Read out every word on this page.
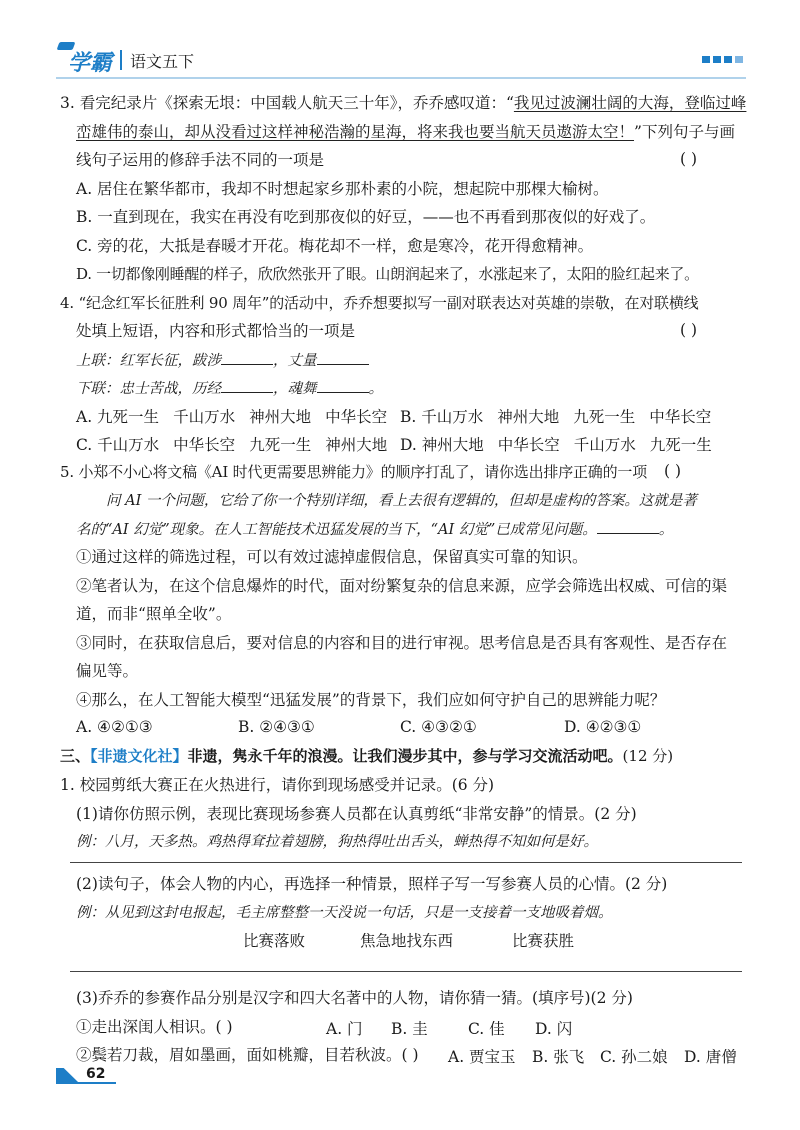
学霸 语文五下
3. 看完纪录片《探索无垠：中国载人航天三十年》，乔乔感叹道：“我见过波澜壮阔的大海，登临过峰
峦雄伟的泰山，却从没看过这样神秘浩瀚的星海，将来我也要当航天员遨游太空！”下列句子与画
线句子运用的修辞手法不同的一项是	( )
A. 居住在繁华都市，我却不时想起家乡那朴素的小院，想起院中那棵大榆树。
B. 一直到现在，我实在再没有吃到那夜似的好豆，——也不再看到那夜似的好戏了。
C. 旁的花，大抵是春暖才开花。梅花却不一样，愈是寒冷，花开得愈精神。
D. 一切都像刚睡醒的样子，欣欣然张开了眼。山朗润起来了，水涨起来了，太阳的脸红起来了。
4. “纪念红军长征胜利 90 周年”的活动中，乔乔想要拟写一副对联表达对英雄的崇敬，在对联横线
处填上短语，内容和形式都恰当的一项是	( )
上联：红军长征，跋涉	，丈量
下联：忠士苦战，历经	，魂舞	。
A. 九死一生 千山万水 神州大地 中华长空 B. 千山万水 神州大地 九死一生 中华长空
C. 千山万水 中华长空 九死一生 神州大地 D. 神州大地 中华长空 千山万水 九死一生
5. 小郑不小心将文稿《AI 时代更需要思辨能力》的顺序打乱了，请你选出排序正确的一项 ( )
问 AI 一个问题，它给了你一个特别详细，看上去很有逻辑的，但却是虚构的答案。这就是著
名的“AI 幻觉”现象。在人工智能技术迅猛发展的当下，“AI 幻觉”已成常见问题。	。
①通过这样的筛选过程，可以有效过滤掉虚假信息，保留真实可靠的知识。
②笔者认为，在这个信息爆炸的时代，面对纷繁复杂的信息来源，应学会筛选出权威、可信的渠
道，而非“照单全收”。
③同时，在获取信息后，要对信息的内容和目的进行审视。思考信息是否具有客观性、是否存在
偏见等。
④那么，在人工智能大模型“迅猛发展”的背景下，我们应如何守护自己的思辨能力呢？
A. ④②①③	B. ②④③①	C. ④③②①	D. ④②③①
三、【非遗文化社】非遗，隽永千年的浪漫。让我们漫步其中，参与学习交流活动吧。(12 分)
1. 校园剪纸大赛正在火热进行，请你到现场感受并记录。(6 分)
(1)请你仿照示例，表现比赛现场参赛人员都在认真剪纸“非常安静”的情景。(2 分)
例：八月，天多热。鸡热得耷拉着翅膀，狗热得吐出舌头，蝉热得不知如何是好。
(2)读句子，体会人物的内心，再选择一种情景，照样子写一写参赛人员的心情。(2 分)
例：从见到这封电报起，毛主席整整一天没说一句话，只是一支接着一支地吸着烟。
比赛落败	焦急地找东西	比赛获胜
(3)乔乔的参赛作品分别是汉字和四大名著中的人物，请你猜一猜。(填序号)(2 分)
①走出深闺人相识。( )	A. 门 B. 圭	C. 佳 D. 闪
②鬓若刀裁，眉如墨画，面如桃瓣，目若秋波。( ) A. 贾宝玉 B. 张飞 C. 孙二娘 D. 唐僧
62
